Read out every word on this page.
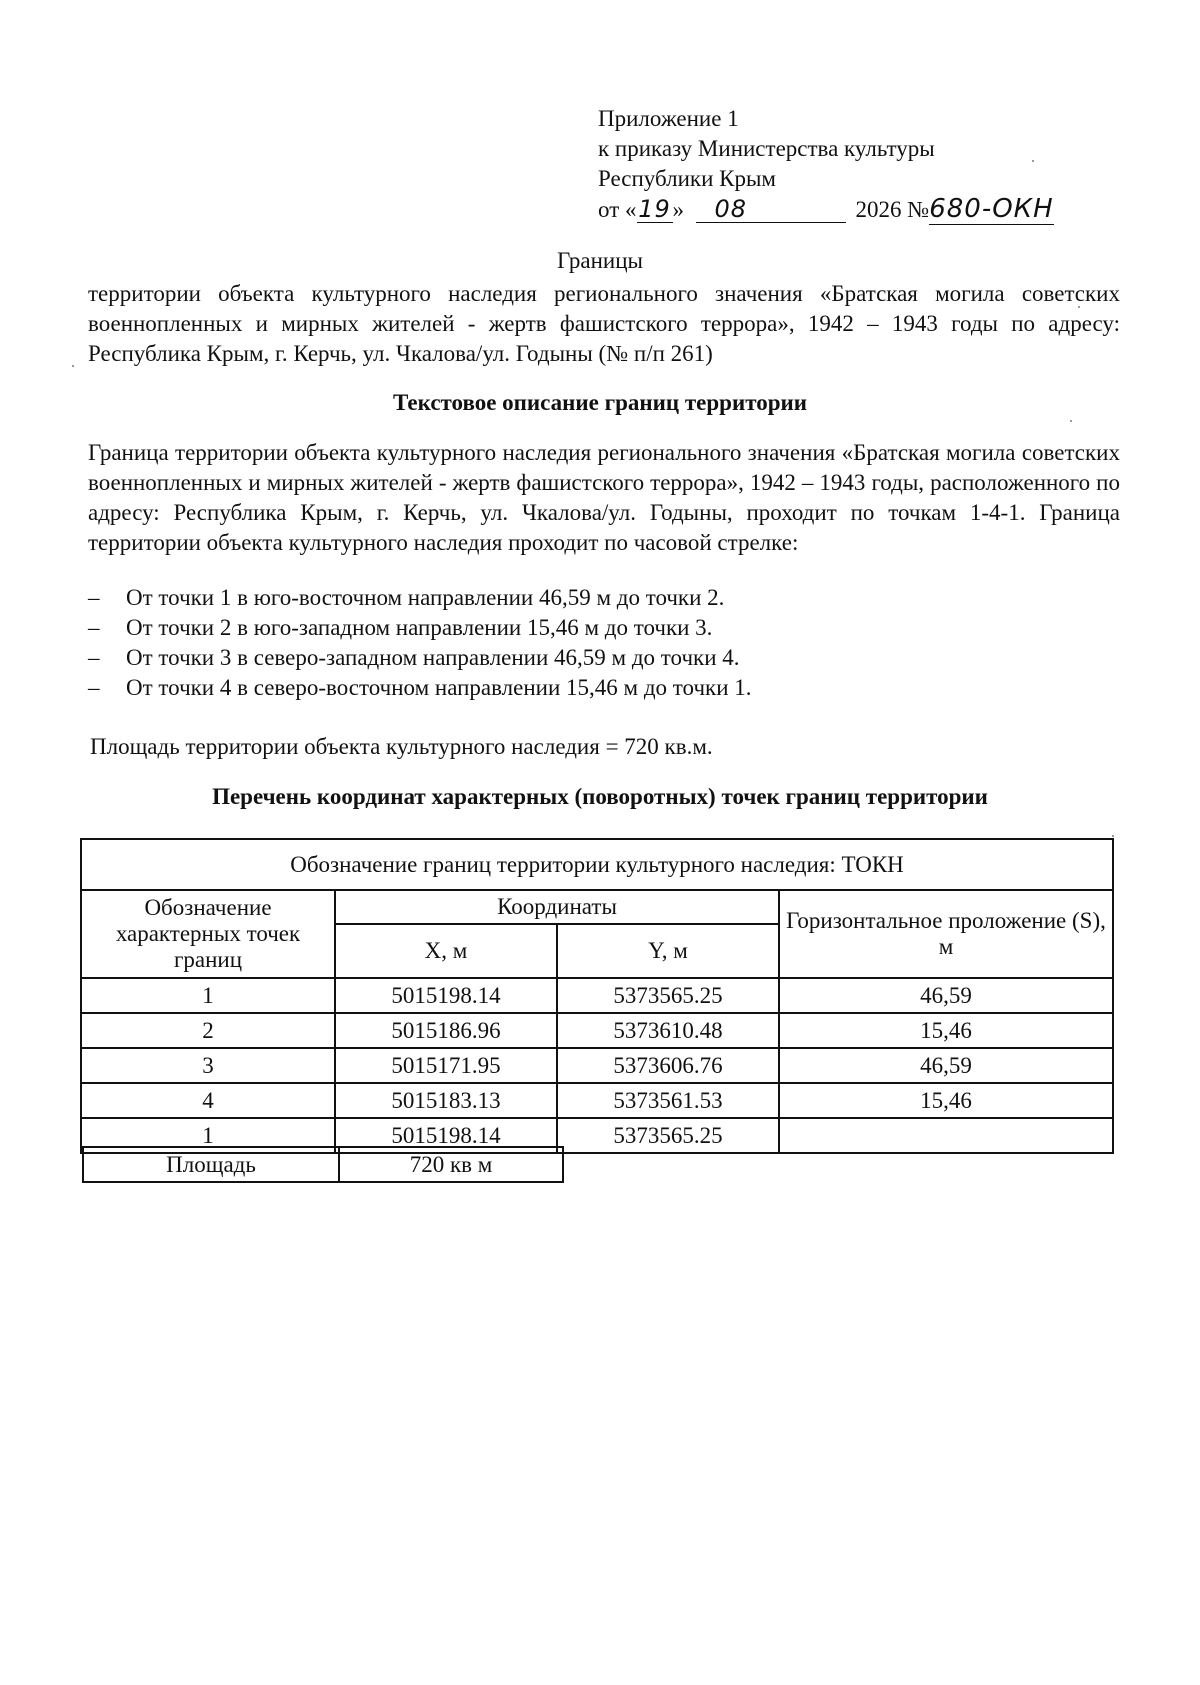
Приложение 1
к приказу Министерства культуры
Республики Крым
от «19» 08	2026 №680-ОКН
Границы
территории объекта культурного наследия регионального значения «Братская могила советских военнопленных и мирных жителей - жертв фашистского террора», 1942 – 1943 годы по адресу: Республика Крым, г. Керчь, ул. Чкалова/ул. Годыны (№ п/п 261)
Текстовое описание границ территории
Граница территории объекта культурного наследия регионального значения «Братская могила советских военнопленных и мирных жителей - жертв фашистского террора», 1942 – 1943 годы, расположенного по адресу: Республика Крым, г. Керчь, ул. Чкалова/ул. Годыны, проходит по точкам 1-4-1. Граница территории объекта культурного наследия проходит по часовой стрелке:
– От точки 1 в юго-восточном направлении 46,59 м до точки 2.
– От точки 2 в юго-западном направлении 15,46 м до точки 3.
– От точки 3 в северо-западном направлении 46,59 м до точки 4.
– От точки 4 в северо-восточном направлении 15,46 м до точки 1.
Площадь территории объекта культурного наследия = 720 кв.м.
Перечень координат характерных (поворотных) точек границ территории
Обозначение границ территории культурного наследия: ТОКН			
Обозначение характерных точек границ	Координаты		Горизонтальное проложение (S), м
	X, м	Y, м	
1	5015198.14	5373565.25	46,59
2	5015186.96	5373610.48	15,46
3	5015171.95	5373606.76	46,59
4	5015183.13	5373561.53	15,46
1	5015198.14	5373565.25	
Площадь	720 кв м
